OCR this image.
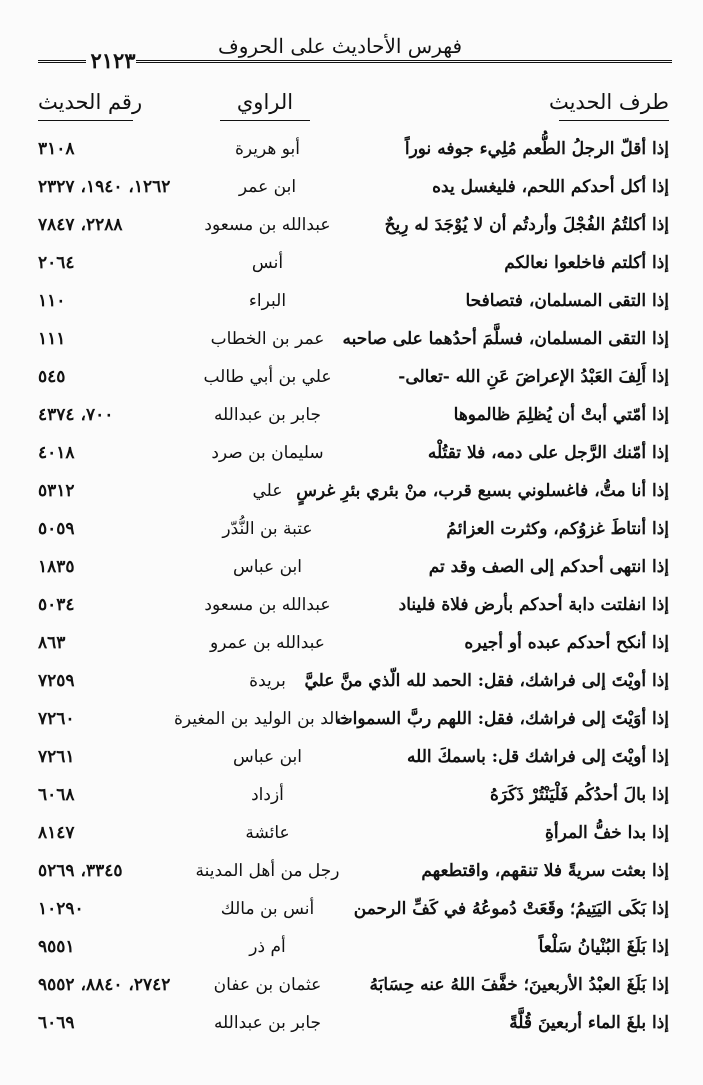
فهرس الأحاديث على الحروف
٢١٢٣
طرف الحديث
الراوي
رقم الحديث
إذا أقلّ الرجلُ الطُّعم مُلِيء جوفه نوراً
أبو هريرة
٣١٠٨
إذا أكل أحدكم اللحم، فليغسل يده
ابن عمر
١٢٦٢، ١٩٤٠، ٢٣٢٧
إذا أكلتُمُ الفُجْلَ وأردتُم أن لا يُوْجَدَ له رِيحٌ
عبدالله بن مسعود
٢٢٨٨، ٧٨٤٧
إذا أكلتم فاخلعوا نعالكم
أنس
٢٠٦٤
إذا التقى المسلمان، فتصافحا
البراء
١١٠
إذا التقى المسلمان، فسلَّمَ أحدُهما على صاحبه
عمر بن الخطاب
١١١
إذا أَلِفَ العَبْدُ الإعراضَ عَنِ الله -تعالى-
علي بن أبي طالب
٥٤٥
إذا أمّتي أبتْ أن يُظلِمَ ظالموها
جابر بن عبدالله
٧٠٠، ٤٣٧٤
إذا أمّنك الرَّجل على دمه، فلا تقتُلْه
سليمان بن صرد
٤٠١٨
إذا أنا متُّ، فاغسلوني بسبع قرب، منْ بئري بئرِ غرسٍ
علي
٥٣١٢
إذا أنتاطَ غزوُكم، وكثرت العزائمُ
عتبة بن النُّدّر
٥٠٥٩
إذا انتهى أحدكم إلى الصف وقد تم
ابن عباس
١٨٣٥
إذا انفلتت دابة أحدكم بأرض فلاة فليناد
عبدالله بن مسعود
٥٠٣٤
إذا أنكح أحدكم عبده أو أجيره
عبدالله بن عمرو
٨٦٣
إذا أويْتَ إلى فراشك، فقل: الحمد لله الّذي منَّ عليَّ
بريدة
٧٢٥٩
إذا أوَيْتَ إلى فراشك، فقل: اللهم ربَّ السموات
خالد بن الوليد بن المغيرة
٧٢٦٠
إذا أويْتَ إلى فراشك قل: باسمكَ الله
ابن عباس
٧٢٦١
إذا بالَ أحدُكُم فَلْيَنْتُرْ ذَكَرَهُ
أزداد
٦٠٦٨
إذا بدا خفُّ المرأةِ
عائشة
٨١٤٧
إذا بعثت سريةً فلا تنقهم، واقتطعهم
رجل من أهل المدينة
٣٣٤٥، ٥٢٦٩
إذا بَكَى اليَتِيمُ؛ وقَعَتْ دُموعُهُ في كَفِّ الرحمن
أنس بن مالك
١٠٢٩٠
إذا بَلَغَ البُنْيانُ سَلْعاً
أم ذر
٩٥٥١
إذا بَلَغَ العبْدُ الأربعينَ؛ خفَّفَ اللهُ عنه حِسَابَهُ
عثمان بن عفان
٢٧٤٢، ٨٨٤٠، ٩٥٥٢
إذا بلغَ الماء أربعينَ قُلَّةً
جابر بن عبدالله
٦٠٦٩
